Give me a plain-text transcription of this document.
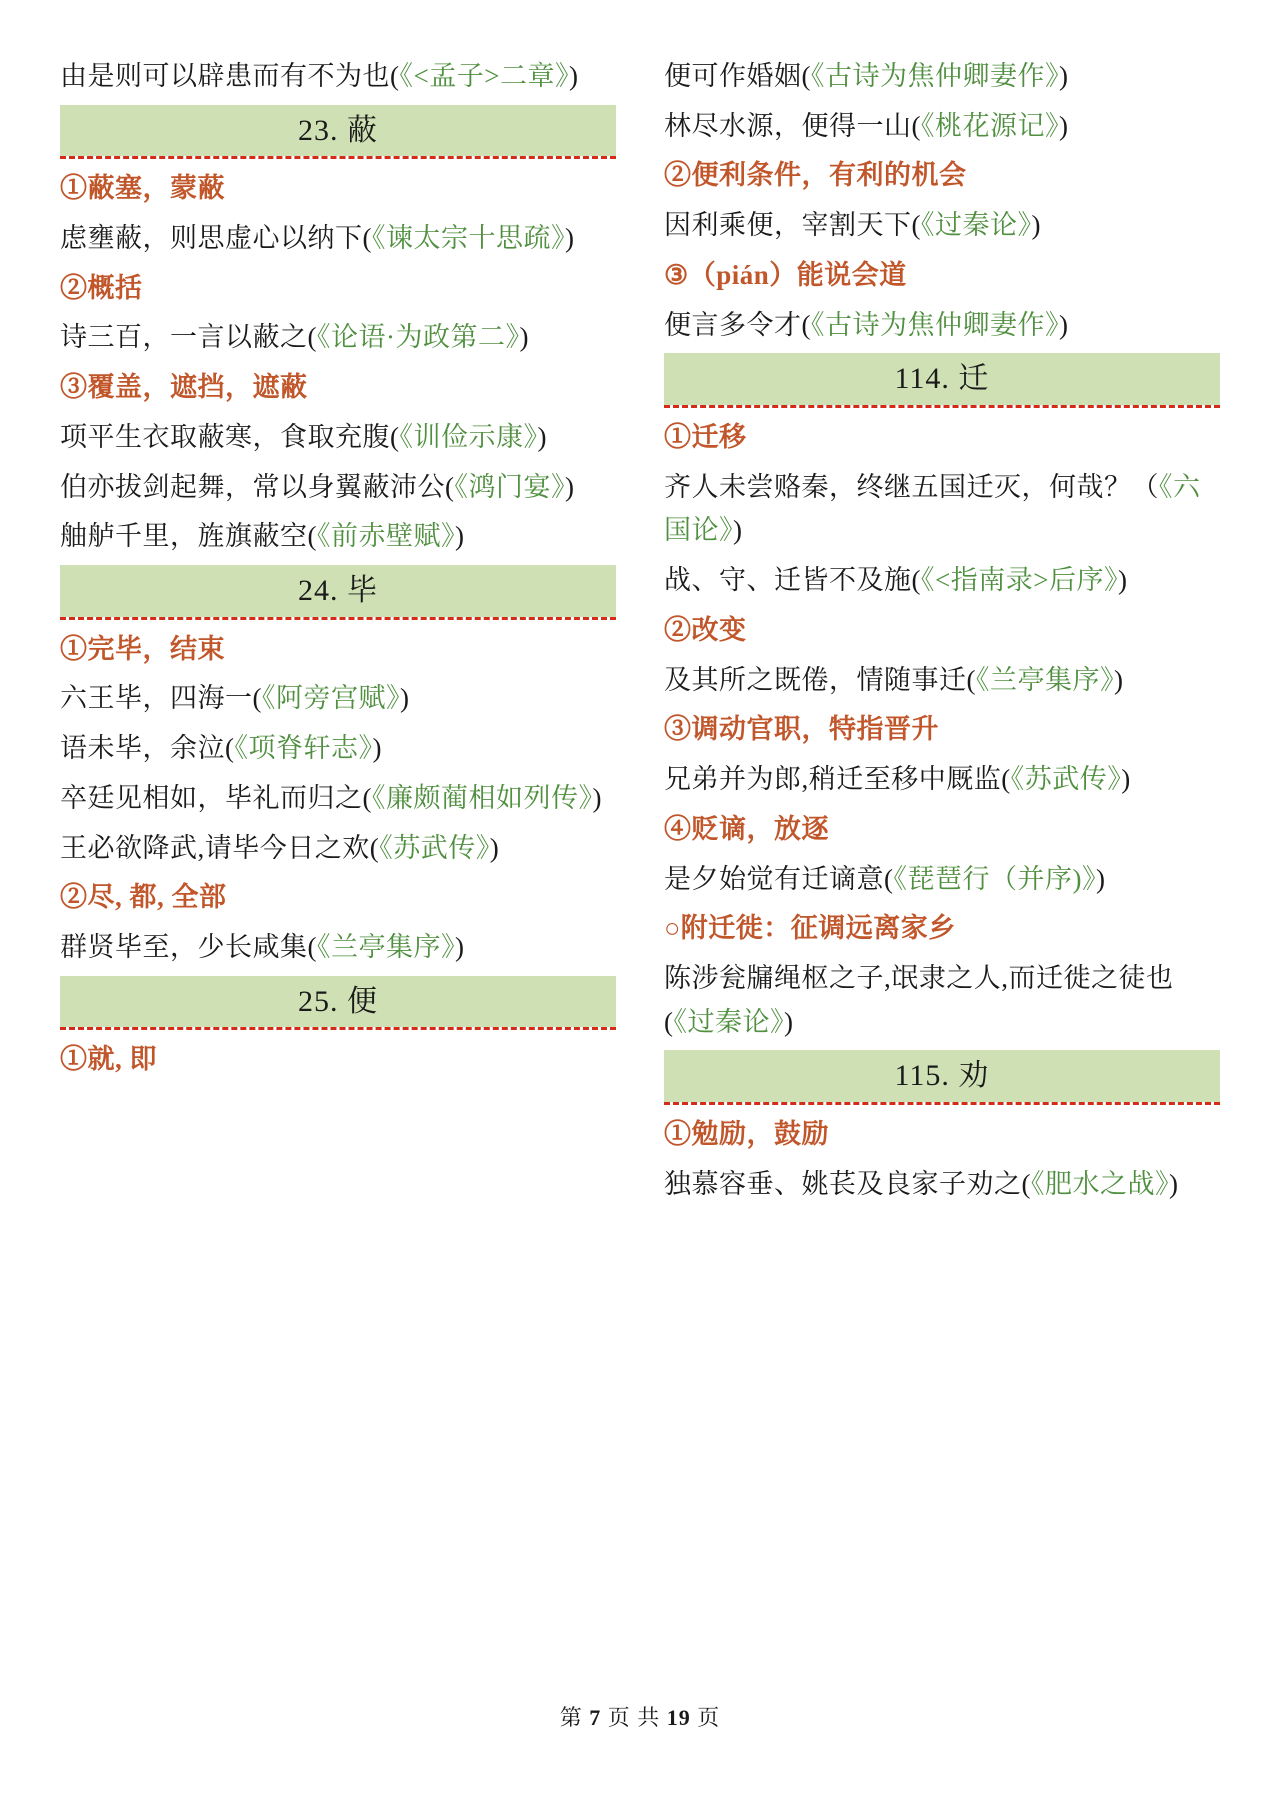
由是则可以辟患而有不为也(《<孟子>二章》)

23. 蔽

①蔽塞，蒙蔽

虑壅蔽，则思虚心以纳下(《谏太宗十思疏》)

②概括

诗三百，一言以蔽之(《论语·为政第二》)

③覆盖，遮挡，遮蔽

项平生衣取蔽寒，食取充腹(《训俭示康》)

伯亦拔剑起舞，常以身翼蔽沛公(《鸿门宴》)

舳舻千里，旌旗蔽空(《前赤壁赋》)

24. 毕

①完毕，结束

六王毕，四海一(《阿旁宫赋》)

语未毕，余泣(《项脊轩志》)

卒廷见相如，毕礼而归之(《廉颇蔺相如列传》)

王必欲降武,请毕今日之欢(《苏武传》)

②尽, 都, 全部

群贤毕至，少长咸集(《兰亭集序》)

25. 便

①就, 即

便可作婚姻(《古诗为焦仲卿妻作》)

林尽水源，便得一山(《桃花源记》)

②便利条件，有利的机会

因利乘便，宰割天下(《过秦论》)

③（pián）能说会道

便言多令才(《古诗为焦仲卿妻作》)

114. 迁

①迁移

齐人未尝赂秦，终继五国迁灭，何哉？（《六国论》)

战、守、迁皆不及施(《<指南录>后序》)

②改变

及其所之既倦，情随事迁(《兰亭集序》)

③调动官职，特指晋升

兄弟并为郎,稍迁至移中厩监(《苏武传》)

④贬谪，放逐

是夕始觉有迁谪意(《琵琶行（并序)》)

○附迁徙：征调远离家乡

陈涉瓮牖绳枢之子,氓隶之人,而迁徙之徒也(《过秦论》)

115. 劝

①勉励，鼓励

独慕容垂、姚苌及良家子劝之(《肥水之战》)

第 7 页 共 19 页
